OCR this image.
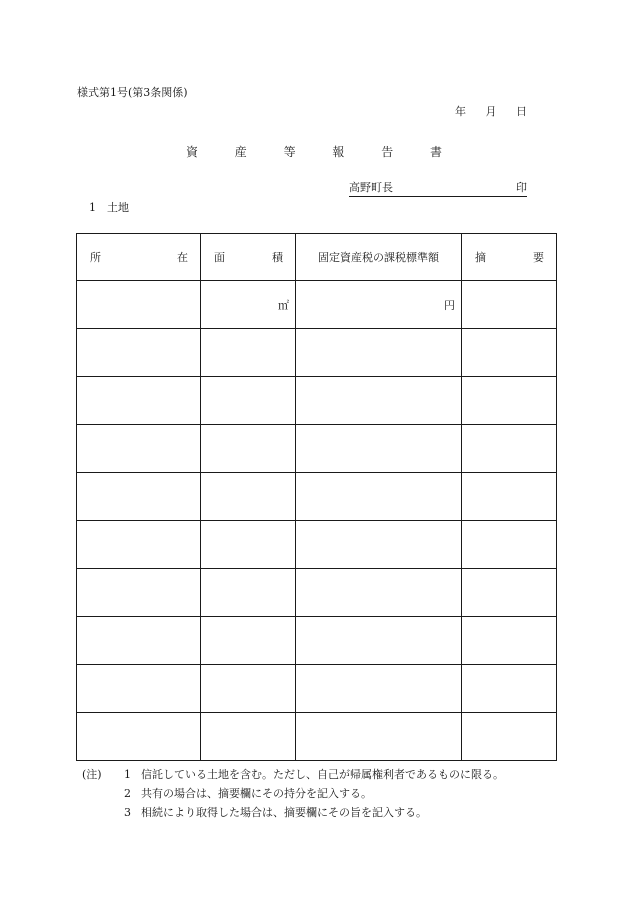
様式第1号(第3条関係)
年 月 日
資	産	等	報	告	書
高野町長	印
1　土地
所 在	面 積	固定資産税の課税標準額	摘 要

	㎡	円	

(注)	1 信託している土地を含む。ただし、自己が帰属権利者であるものに限る。
2 共有の場合は、摘要欄にその持分を記入する。
3 相続により取得した場合は、摘要欄にその旨を記入する。
